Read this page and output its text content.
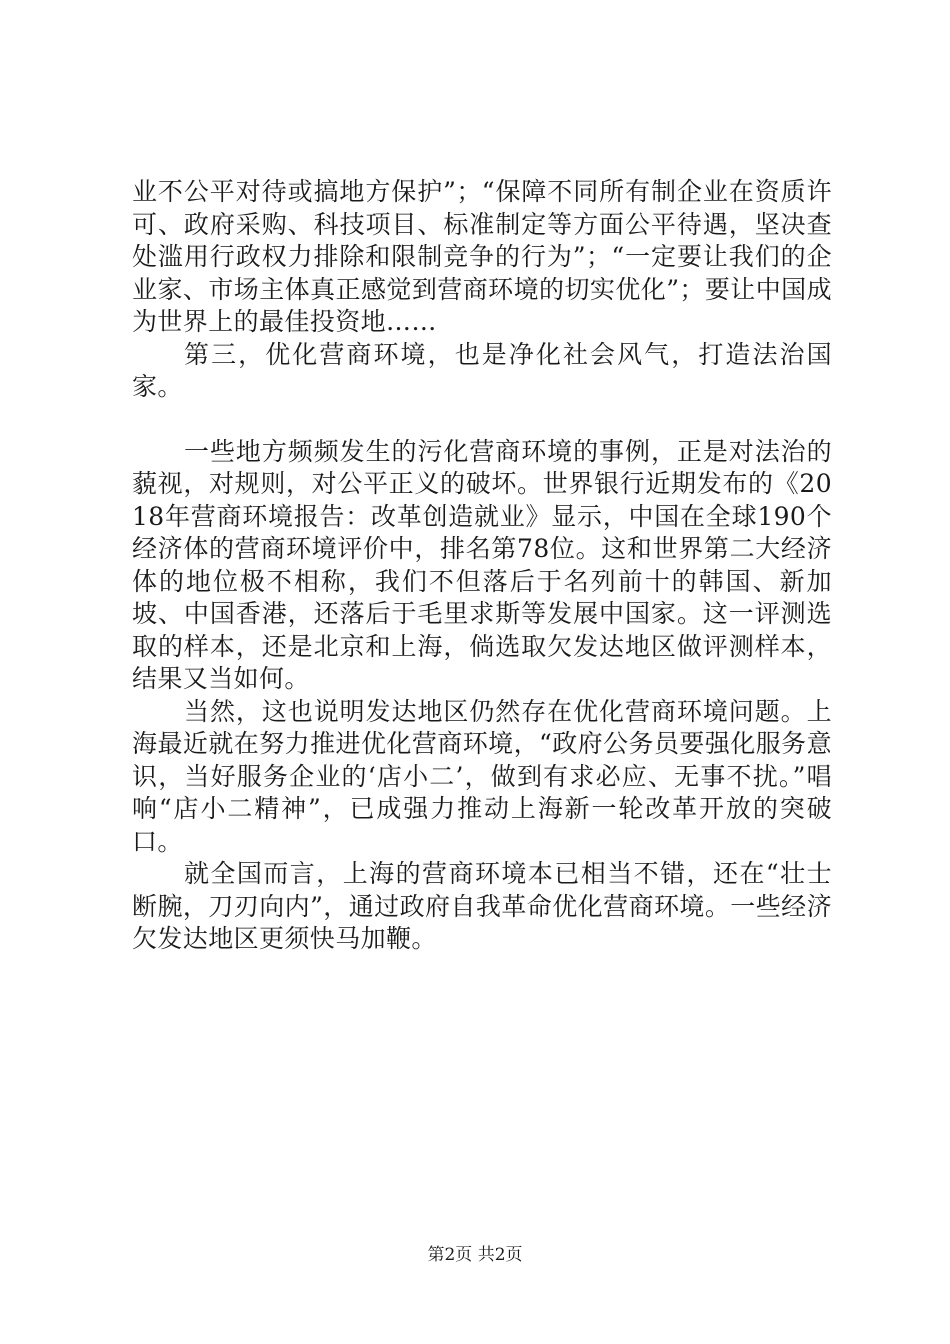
业不公平对待或搞地方保护”；“保障不同所有制企业在资质许可、政府采购、科技项目、标准制定等方面公平待遇，坚决查处滥用行政权力排除和限制竞争的行为”；“一定要让我们的企业家、市场主体真正感觉到营商环境的切实优化”；要让中国成为世界上的最佳投资地……

第三，优化营商环境，也是净化社会风气，打造法治国家。

一些地方频频发生的污化营商环境的事例，正是对法治的藐视，对规则，对公平正义的破坏。世界银行近期发布的《2018年营商环境报告：改革创造就业》显示，中国在全球190个经济体的营商环境评价中，排名第78位。这和世界第二大经济体的地位极不相称，我们不但落后于名列前十的韩国、新加坡、中国香港，还落后于毛里求斯等发展中国家。这一评测选取的样本，还是北京和上海，倘选取欠发达地区做评测样本，结果又当如何。

当然，这也说明发达地区仍然存在优化营商环境问题。上海最近就在努力推进优化营商环境，“政府公务员要强化服务意识，当好服务企业的‘店小二’，做到有求必应、无事不扰。”唱响“店小二精神”，已成强力推动上海新一轮改革开放的突破口。

就全国而言，上海的营商环境本已相当不错，还在“壮士断腕，刀刃向内”，通过政府自我革命优化营商环境。一些经济欠发达地区更须快马加鞭。

第2页 共2页
